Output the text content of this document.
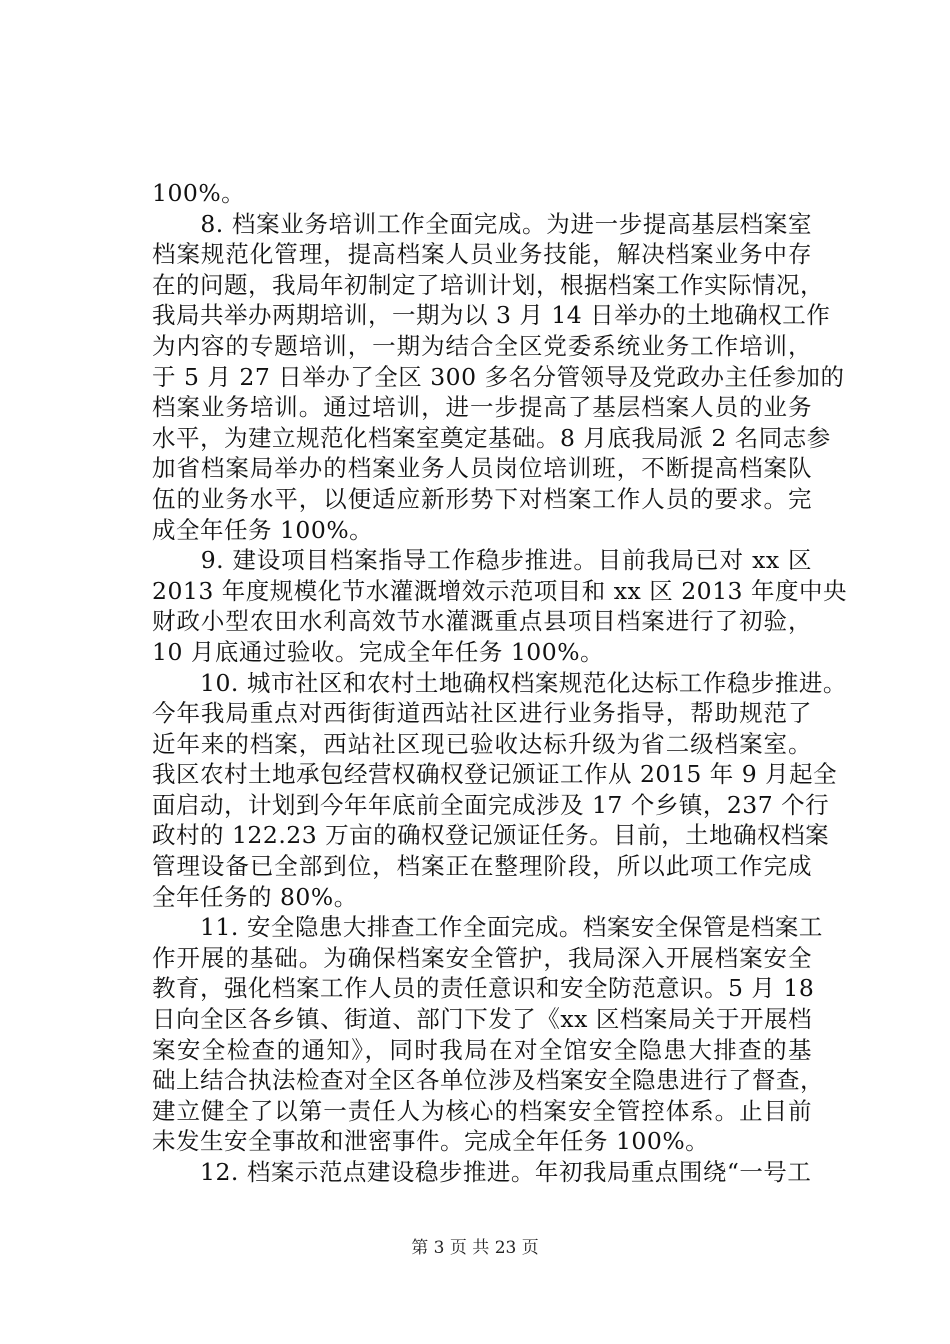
100%。
　　8. 档案业务培训工作全面完成。为进一步提高基层档案室
档案规范化管理，提高档案人员业务技能，解决档案业务中存
在的问题，我局年初制定了培训计划，根据档案工作实际情况，
我局共举办两期培训，一期为以 3 月 14 日举办的土地确权工作
为内容的专题培训，一期为结合全区党委系统业务工作培训，
于 5 月 27 日举办了全区 300 多名分管领导及党政办主任参加的
档案业务培训。通过培训，进一步提高了基层档案人员的业务
水平，为建立规范化档案室奠定基础。8 月底我局派 2 名同志参
加省档案局举办的档案业务人员岗位培训班，不断提高档案队
伍的业务水平，以便适应新形势下对档案工作人员的要求。完
成全年任务 100%。
　　9. 建设项目档案指导工作稳步推进。目前我局已对 xx 区
2013 年度规模化节水灌溉增效示范项目和 xx 区 2013 年度中央
财政小型农田水利高效节水灌溉重点县项目档案进行了初验，
10 月底通过验收。完成全年任务 100%。
　　10. 城市社区和农村土地确权档案规范化达标工作稳步推进。
今年我局重点对西街街道西站社区进行业务指导，帮助规范了
近年来的档案，西站社区现已验收达标升级为省二级档案室。
我区农村土地承包经营权确权登记颁证工作从 2015 年 9 月起全
面启动，计划到今年年底前全面完成涉及 17 个乡镇，237 个行
政村的 122.23 万亩的确权登记颁证任务。目前，土地确权档案
管理设备已全部到位，档案正在整理阶段，所以此项工作完成
全年任务的 80%。
　　11. 安全隐患大排查工作全面完成。档案安全保管是档案工
作开展的基础。为确保档案安全管护，我局深入开展档案安全
教育，强化档案工作人员的责任意识和安全防范意识。5 月 18
日向全区各乡镇、街道、部门下发了《xx 区档案局关于开展档
案安全检查的通知》，同时我局在对全馆安全隐患大排查的基
础上结合执法检查对全区各单位涉及档案安全隐患进行了督查，
建立健全了以第一责任人为核心的档案安全管控体系。止目前
未发生安全事故和泄密事件。完成全年任务 100%。
　　12. 档案示范点建设稳步推进。年初我局重点围绕“一号工
第 3 页 共 23 页
